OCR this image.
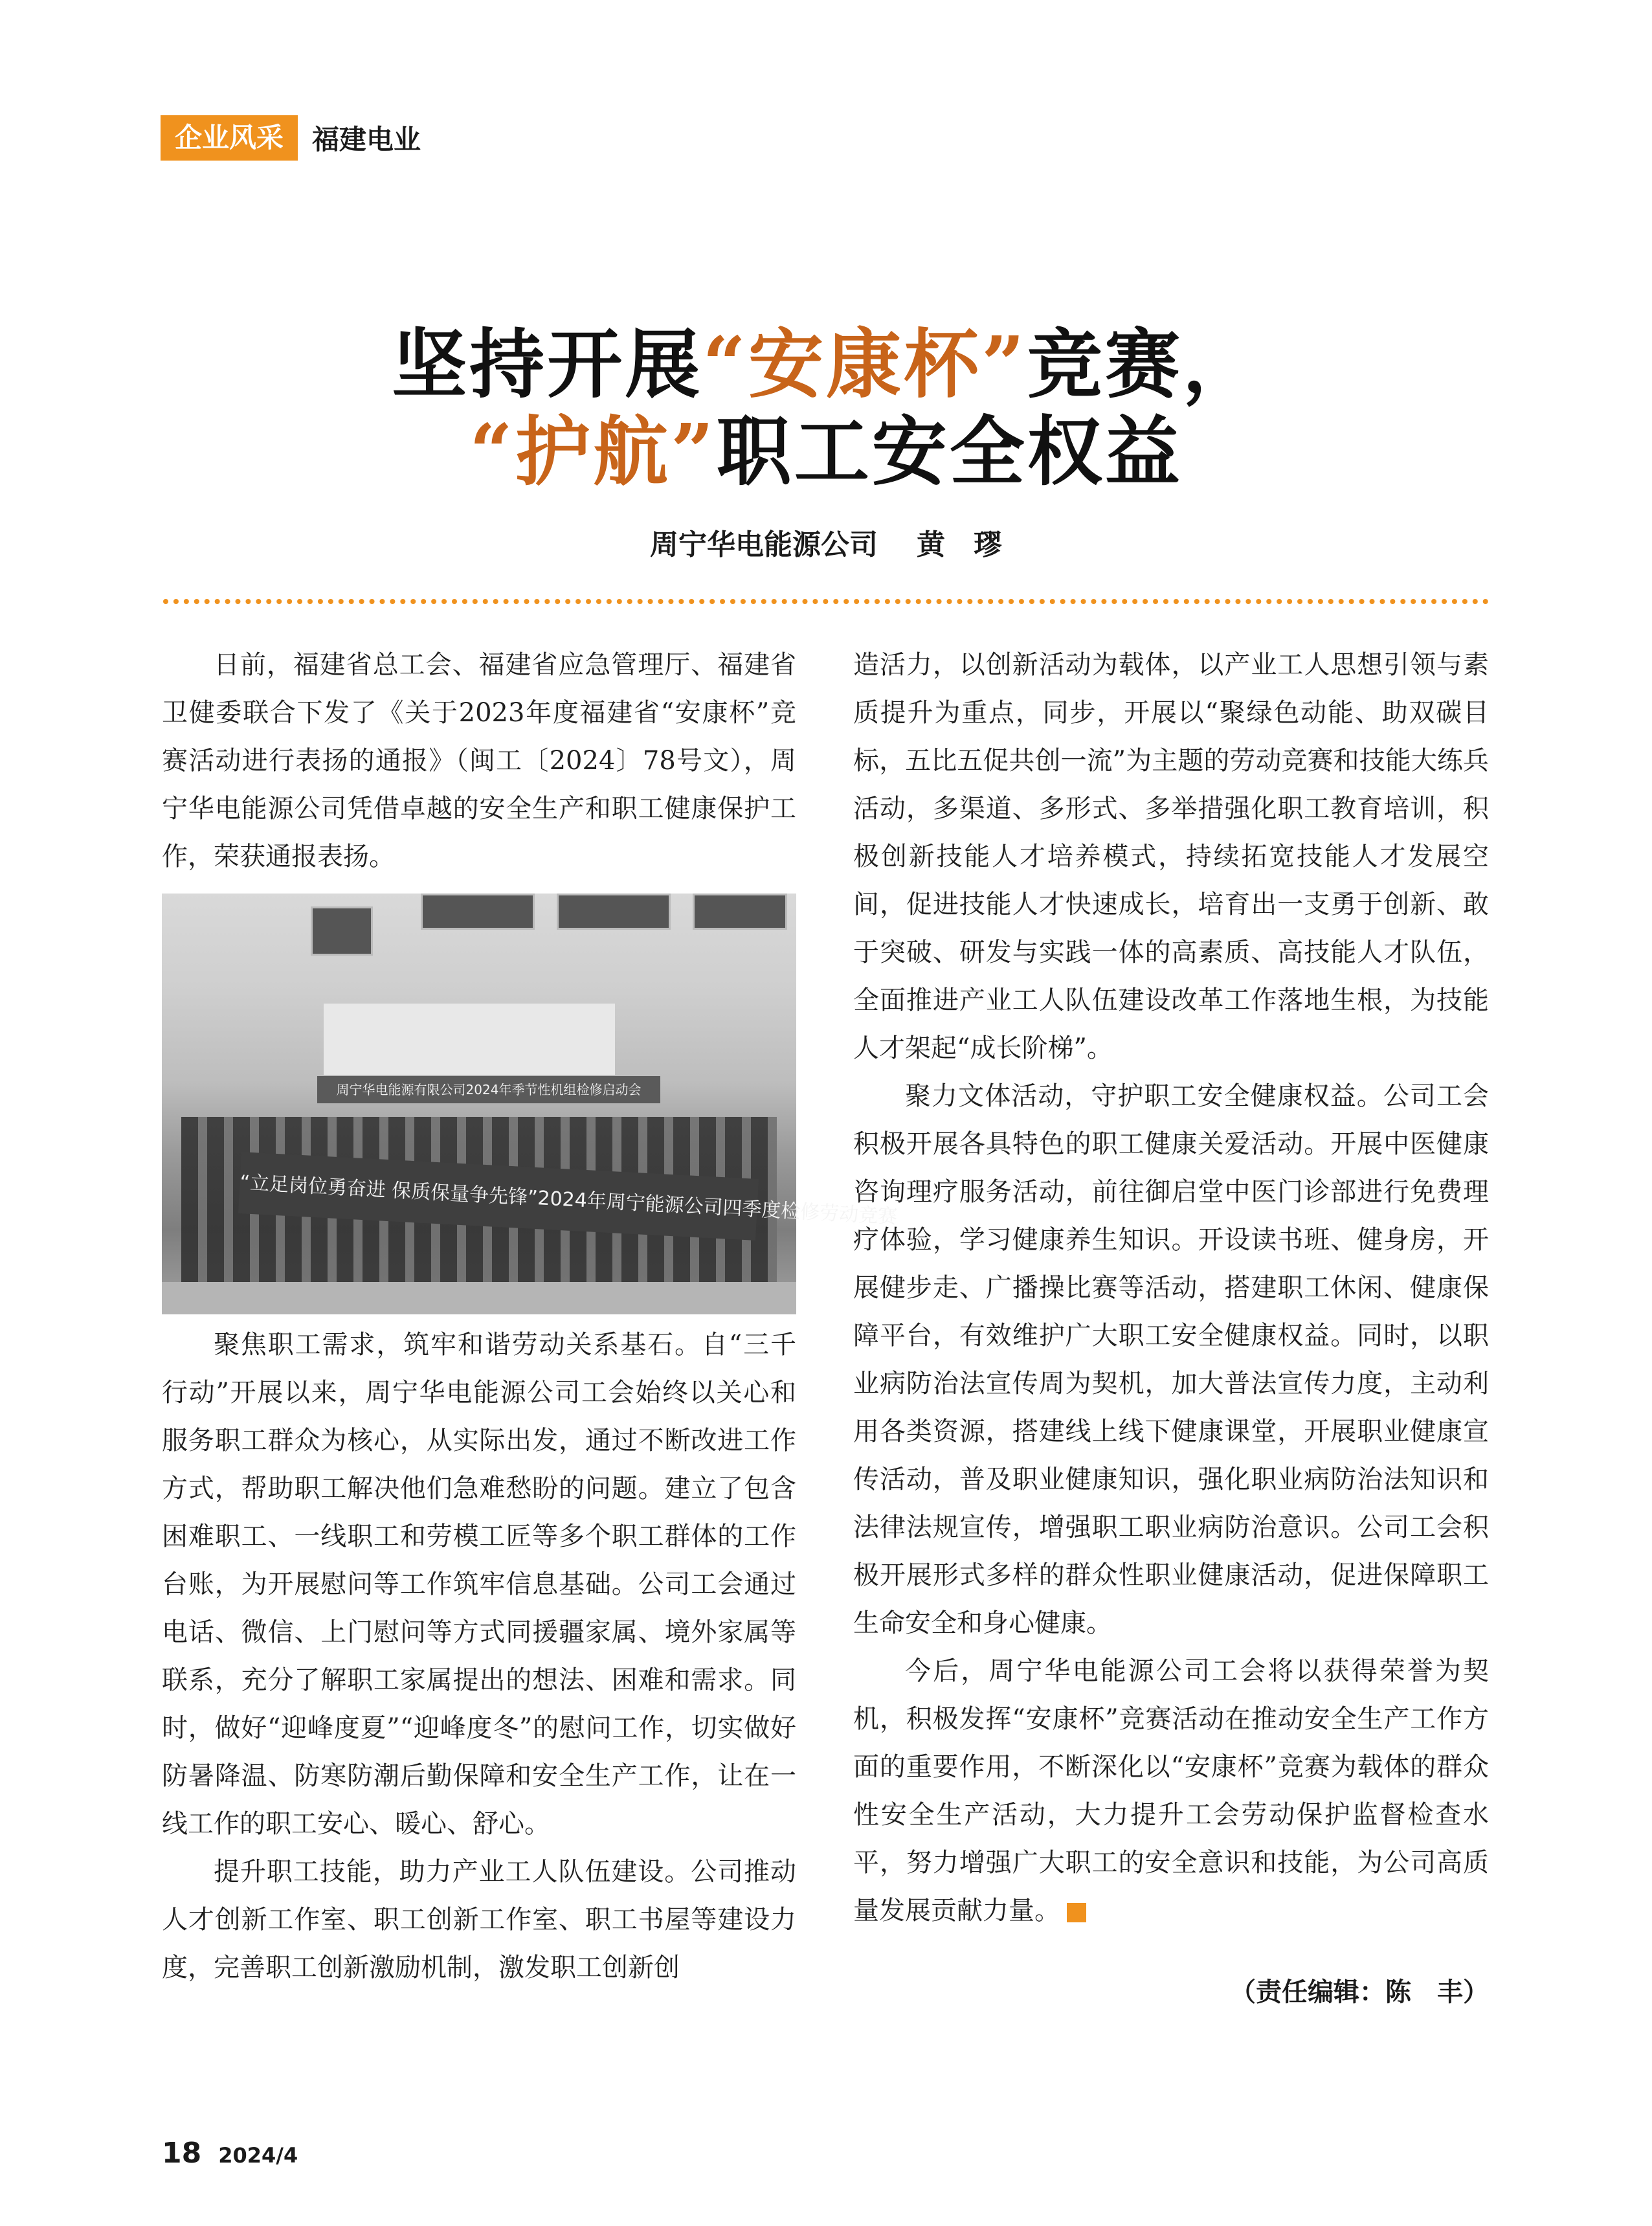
企业风采	福建电业
坚持开展“安康杯”竞赛，
“护航”职工安全权益
周宁华电能源公司 黄　璆

日前，福建省总工会、福建省应急管理厅、福建省卫健委联合下发了《关于2023年度福建省“安康杯”竞赛活动进行表扬的通报》（闽工〔2024〕78号文），周宁华电能源公司凭借卓越的安全生产和职工健康保护工作，荣获通报表扬。

周宁华电能源有限公司2024年季节性机组检修启动会
“立足岗位勇奋进 保质保量争先锋”2024年周宁能源公司四季度检修劳动竞赛

聚焦职工需求，筑牢和谐劳动关系基石。自“三千行动”开展以来，周宁华电能源公司工会始终以关心和服务职工群众为核心，从实际出发，通过不断改进工作方式，帮助职工解决他们急难愁盼的问题。建立了包含困难职工、一线职工和劳模工匠等多个职工群体的工作台账，为开展慰问等工作筑牢信息基础。公司工会通过电话、微信、上门慰问等方式同援疆家属、境外家属等联系，充分了解职工家属提出的想法、困难和需求。同时，做好“迎峰度夏”“迎峰度冬”的慰问工作，切实做好防暑降温、防寒防潮后勤保障和安全生产工作，让在一线工作的职工安心、暖心、舒心。

提升职工技能，助力产业工人队伍建设。公司推动人才创新工作室、职工创新工作室、职工书屋等建设力度，完善职工创新激励机制，激发职工创新创

造活力，以创新活动为载体，以产业工人思想引领与素质提升为重点，同步，开展以“聚绿色动能、助双碳目标，五比五促共创一流”为主题的劳动竞赛和技能大练兵活动，多渠道、多形式、多举措强化职工教育培训，积极创新技能人才培养模式，持续拓宽技能人才发展空间，促进技能人才快速成长，培育出一支勇于创新、敢于突破、研发与实践一体的高素质、高技能人才队伍，全面推进产业工人队伍建设改革工作落地生根，为技能人才架起“成长阶梯”。

聚力文体活动，守护职工安全健康权益。公司工会积极开展各具特色的职工健康关爱活动。开展中医健康咨询理疗服务活动，前往御启堂中医门诊部进行免费理疗体验，学习健康养生知识。开设读书班、健身房，开展健步走、广播操比赛等活动，搭建职工休闲、健康保障平台，有效维护广大职工安全健康权益。同时，以职业病防治法宣传周为契机，加大普法宣传力度，主动利用各类资源，搭建线上线下健康课堂，开展职业健康宣传活动，普及职业健康知识，强化职业病防治法知识和法律法规宣传，增强职工职业病防治意识。公司工会积极开展形式多样的群众性职业健康活动，促进保障职工生命安全和身心健康。

今后，周宁华电能源公司工会将以获得荣誉为契机，积极发挥“安康杯”竞赛活动在推动安全生产工作方面的重要作用，不断深化以“安康杯”竞赛为载体的群众性安全生产活动，大力提升工会劳动保护监督检查水平，努力增强广大职工的安全意识和技能，为公司高质量发展贡献力量。

（责任编辑：陈　丰）
18 2024/4
